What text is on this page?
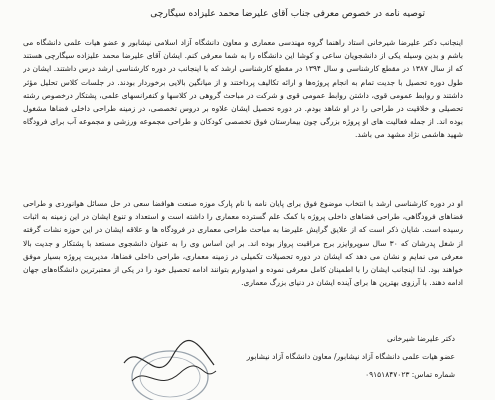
توصیه نامه در خصوص معرفی جناب آقای علیرضا محمد علیزاده سیگارچی
اینجانب دکتر علیرضا شیرخانی استاد راهنما گروه مهندسی معماری و معاون دانشگاه آزاد اسلامی نیشابور و عضو هیات علمی دانشگاه می باشم و بدین وسیله یکی از دانشجویان ساعی و کوشا این دانشگاه را به شما معرفی کنم. ایشان آقای علیرضا محمد علیزاده سیگارچی هستند که از سال ۱۳۸۷ در مقطع کارشناسی و سال ۱۳۹۴ در مقطع کارشناسی ارشد که با اینجانب در دوره کارشناسی ارشد درس داشتند. ایشان در طول دوره تحصیل با جدیت تمام به انجام پروژه‌ها و ارائه تکالیف پرداختند و از میانگین بالایی برخوردار بودند. در جلسات کلاس تحلیل مؤثر داشتند و روابط عمومی قوی، داشتن روابط عمومی قوی و شرکت در مباحث گروهی در کلاسها و کنفرانسهای علمی، پشتکار درخصوص رشته تحصیلی و خلاقیت در طراحی را در او شاهد بودم. در دوره تحصیل ایشان علاوه بر دروس تخصصی، در زمینه طراحی داخلی فضاها مشغول بوده اند. از جمله فعالیت های او پروژه بزرگی چون بیمارستان فوق تخصصی کودکان و طراحی مجموعه ورزشی و مجموعه آب برای فرودگاه شهید هاشمی نژاد مشهد می باشد.
او در دوره کارشناسی ارشد با انتخاب موضوع فوق برای پایان نامه با نام پارک موزه صنعت هوافضا سعی در حل مسائل هوانوردی و طراحی فضاهای فرودگاهی، طراحی فضاهای داخلی پروژه با کمک علم گسترده معماری را داشته است و استعداد و تنوع ایشان در این زمینه به اثبات رسیده است. شایان ذکر است که از علایق گرایش علیرضا به مباحث طراحی معماری در فرودگاه ها و علاقه ایشان در این حوزه نشات گرفته از شغل پدرشان که ۳۰ سال سوپروایزر برج مراقبت پرواز بوده اند. بر این اساس وی را به عنوان دانشجوی مستعد با پشتکار و جدیت بالا معرفی می نمایم و نشان می دهد که ایشان در دوره تحصیلات تکمیلی در زمینه معماری، طراحی داخلی فضاها، مدیریت پروژه بسیار موفق خواهند بود. لذا اینجانب ایشان را با اطمینان کامل معرفی نموده و امیدوارم بتوانند ادامه تحصیل خود را در یکی از معتبرترین دانشگاه‌های جهان ادامه دهند. با آرزوی بهترین ها برای آینده ایشان در دنیای بزرگ معماری.
دکتر علیرضا شیرخانی
عضو هیات علمی دانشگاه آزاد نیشابور/ معاون دانشگاه آزاد نیشابور
شماره تماس: ۰۹۱۵۱۸۴۷۰۲۳
